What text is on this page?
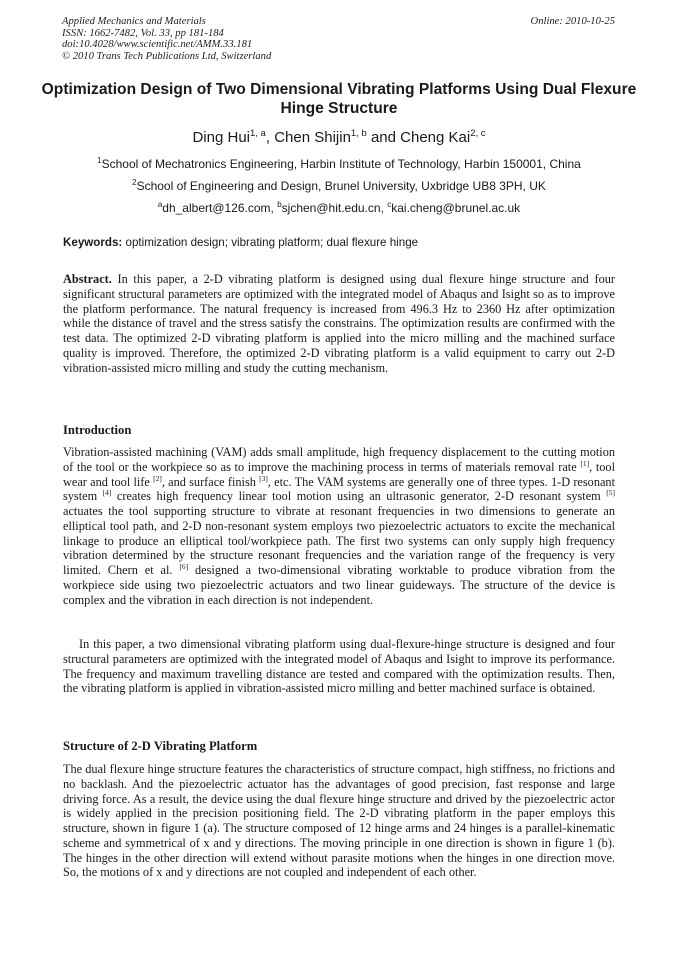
Applied Mechanics and Materials
ISSN: 1662-7482, Vol. 33, pp 181-184
doi:10.4028/www.scientific.net/AMM.33.181
© 2010 Trans Tech Publications Ltd, Switzerland
Online: 2010-10-25
Optimization Design of Two Dimensional Vibrating Platforms Using Dual Flexure Hinge Structure
Ding Hui$^{1, a}$, Chen Shijin$^{1, b}$ and Cheng Kai$^{2, c}$
$^1$School of Mechatronics Engineering, Harbin Institute of Technology, Harbin 150001, China
$^2$School of Engineering and Design, Brunel University, Uxbridge UB8 3PH, UK
$^a$dh_albert@126.com, $^b$sjchen@hit.edu.cn, $^c$kai.cheng@brunel.ac.uk
Keywords: optimization design; vibrating platform; dual flexure hinge
Abstract. In this paper, a 2-D vibrating platform is designed using dual flexure hinge structure and four significant structural parameters are optimized with the integrated model of Abaqus and Isight so as to improve the platform performance. The natural frequency is increased from 496.3 Hz to 2360 Hz after optimization while the distance of travel and the stress satisfy the constrains. The optimization results are confirmed with the test data. The optimized 2-D vibrating platform is applied into the micro milling and the machined surface quality is improved. Therefore, the optimized 2-D vibrating platform is a valid equipment to carry out 2-D vibration-assisted micro milling and study the cutting mechanism.
Introduction
Vibration-assisted machining (VAM) adds small amplitude, high frequency displacement to the cutting motion of the tool or the workpiece so as to improve the machining process in terms of materials removal rate [1], tool wear and tool life [2], and surface finish [3], etc. The VAM systems are generally one of three types. 1-D resonant system [4] creates high frequency linear tool motion using an ultrasonic generator, 2-D resonant system [5] actuates the tool supporting structure to vibrate at resonant frequencies in two dimensions to generate an elliptical tool path, and 2-D non-resonant system employs two piezoelectric actuators to excite the mechanical linkage to produce an elliptical tool/workpiece path. The first two systems can only supply high frequency vibration determined by the structure resonant frequencies and the variation range of the frequency is very limited. Chern et al. [6] designed a two-dimensional vibrating worktable to produce vibration from the workpiece side using two piezoelectric actuators and two linear guideways. The structure of the device is complex and the vibration in each direction is not independent.
In this paper, a two dimensional vibrating platform using dual-flexure-hinge structure is designed and four structural parameters are optimized with the integrated model of Abaqus and Isight to improve its performance. The frequency and maximum travelling distance are tested and compared with the optimization results. Then, the vibrating platform is applied in vibration-assisted micro milling and better machined surface is obtained.
Structure of 2-D Vibrating Platform
The dual flexure hinge structure features the characteristics of structure compact, high stiffness, no frictions and no backlash. And the piezoelectric actuator has the advantages of good precision, fast response and large driving force. As a result, the device using the dual flexure hinge structure and drived by the piezoelectric actor is widely applied in the precision positioning field. The 2-D vibrating platform in the paper employs this structure, shown in figure 1 (a). The structure composed of 12 hinge arms and 24 hinges is a parallel-kinematic scheme and symmetrical of x and y directions. The moving principle in one direction is shown in figure 1 (b). The hinges in the other direction will extend without parasite motions when the hinges in one direction move. So, the motions of x and y directions are not coupled and independent of each other.
